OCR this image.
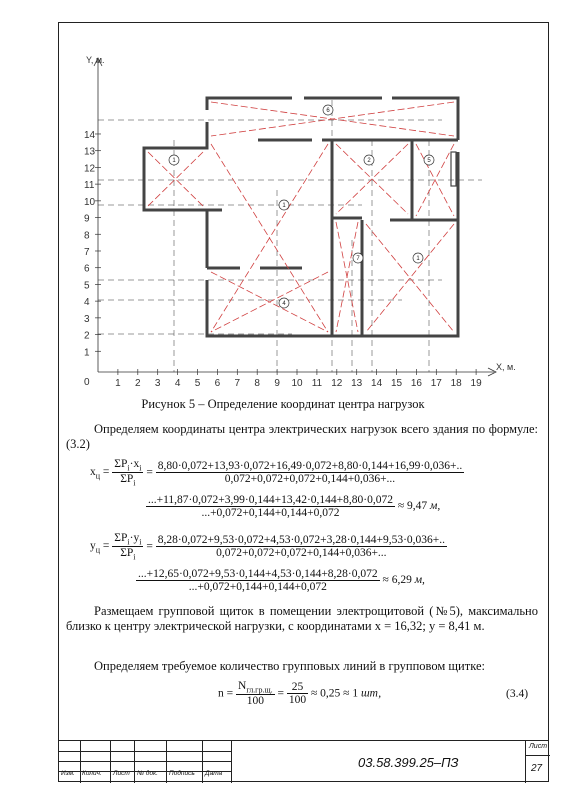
14
13
12
11
10
9
8
7
6
5
4
3
2
1
1 2 3 4 5 6 7 8 9 10 11 12 13 14 15 16 17 18 19
Y, м.
X, м.
0
1
1
2
4
5
6
7	1
Рисунок 5 – Определение координат центра нагрузок
Определяем координаты центра электрических нагрузок всего здания по формуле: (3.2)
$x_ц = \frac{\Sigma P_i\cdot x_i}{\Sigma P_i} = \frac{8,80\cdot 0,072+13,93\cdot 0,072+16,49\cdot 0,072+8,80\cdot 0,144+16,99\cdot 0,036+..}{0,072+0,072+0,072+0,144+0,036+...}$
$\frac{...+11,87\cdot 0,072+3,99\cdot 0,144+13,42\cdot 0,144+8,80\cdot 0,072}{...+0,072+0,144+0,144+0,072} \approx 9,47$ м,
$y_ц = \frac{\Sigma P_i\cdot y_i}{\Sigma P_i} = \frac{8,28\cdot 0,072+9,53\cdot 0,072+4,53\cdot 0,072+3,28\cdot 0,144+9,53\cdot 0,036+..}{0,072+0,072+0,072+0,144+0,036+...}$
$\frac{...+12,65\cdot 0,072+9,53\cdot 0,144+4,53\cdot 0,144+8,28\cdot 0,072}{...+0,072+0,144+0,144+0,072} \approx 6,29$ м,
Размещаем групповой щиток в помещении электрощитовой (№5), максимально близко к центру электрической нагрузки, с координатами x = 16,32; y = 8,41 м.
Определяем требуемое количество групповых линий в групповом щитке:
$n = \frac{N_{гл.гр.щ.}}{100} = \frac{25}{100} \approx 0,25 \approx 1$ шт,	(3.4)
Изм. Колич. Лист № док. Подпись Дата
03.58.399.25–ПЗ
Лист
27
